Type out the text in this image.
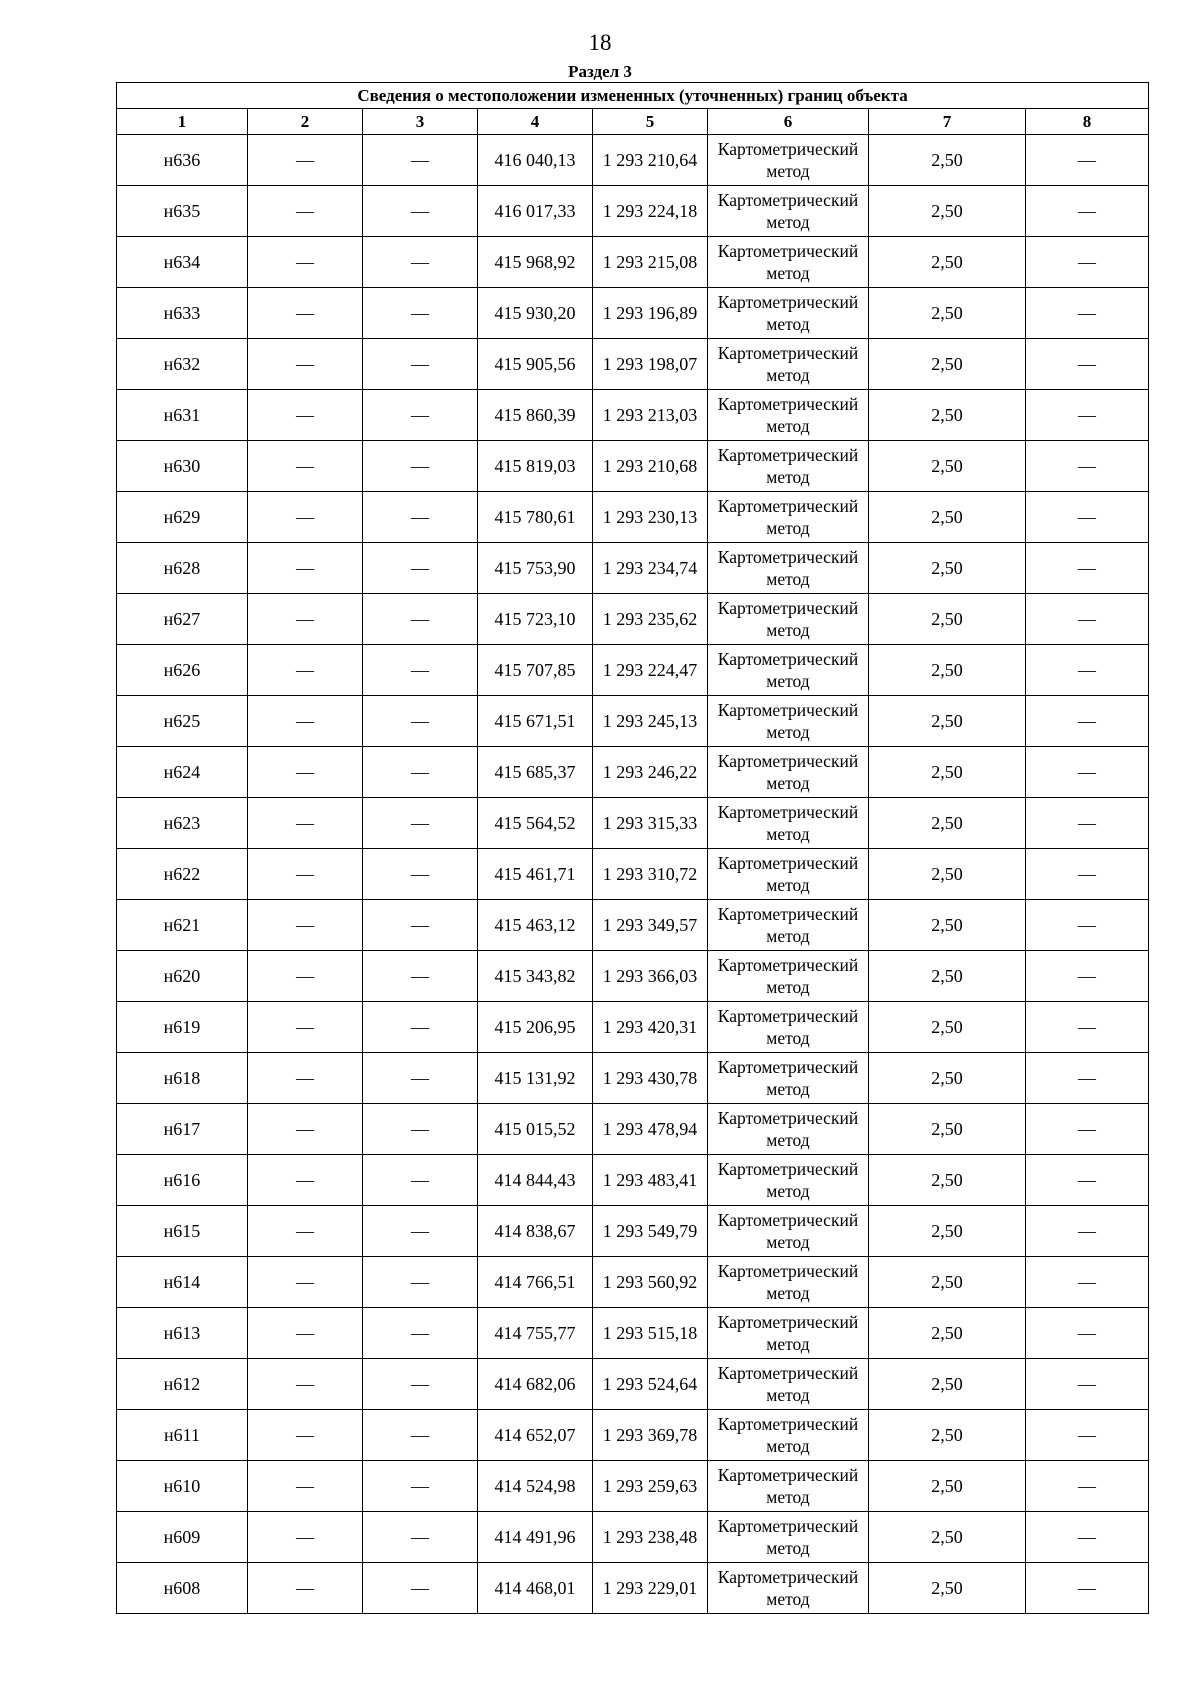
18
Раздел 3
Сведения о местоположении измененных (уточненных) границ объекта							
1	2	3	4	5	6	7	8
н636	—	—	416 040,13	1 293 210,64	Картометрический метод	2,50	—
н635	—	—	416 017,33	1 293 224,18	Картометрический метод	2,50	—
н634	—	—	415 968,92	1 293 215,08	Картометрический метод	2,50	—
н633	—	—	415 930,20	1 293 196,89	Картометрический метод	2,50	—
н632	—	—	415 905,56	1 293 198,07	Картометрический метод	2,50	—
н631	—	—	415 860,39	1 293 213,03	Картометрический метод	2,50	—
н630	—	—	415 819,03	1 293 210,68	Картометрический метод	2,50	—
н629	—	—	415 780,61	1 293 230,13	Картометрический метод	2,50	—
н628	—	—	415 753,90	1 293 234,74	Картометрический метод	2,50	—
н627	—	—	415 723,10	1 293 235,62	Картометрический метод	2,50	—
н626	—	—	415 707,85	1 293 224,47	Картометрический метод	2,50	—
н625	—	—	415 671,51	1 293 245,13	Картометрический метод	2,50	—
н624	—	—	415 685,37	1 293 246,22	Картометрический метод	2,50	—
н623	—	—	415 564,52	1 293 315,33	Картометрический метод	2,50	—
н622	—	—	415 461,71	1 293 310,72	Картометрический метод	2,50	—
н621	—	—	415 463,12	1 293 349,57	Картометрический метод	2,50	—
н620	—	—	415 343,82	1 293 366,03	Картометрический метод	2,50	—
н619	—	—	415 206,95	1 293 420,31	Картометрический метод	2,50	—
н618	—	—	415 131,92	1 293 430,78	Картометрический метод	2,50	—
н617	—	—	415 015,52	1 293 478,94	Картометрический метод	2,50	—
н616	—	—	414 844,43	1 293 483,41	Картометрический метод	2,50	—
н615	—	—	414 838,67	1 293 549,79	Картометрический метод	2,50	—
н614	—	—	414 766,51	1 293 560,92	Картометрический метод	2,50	—
н613	—	—	414 755,77	1 293 515,18	Картометрический метод	2,50	—
н612	—	—	414 682,06	1 293 524,64	Картометрический метод	2,50	—
н611	—	—	414 652,07	1 293 369,78	Картометрический метод	2,50	—
н610	—	—	414 524,98	1 293 259,63	Картометрический метод	2,50	—
н609	—	—	414 491,96	1 293 238,48	Картометрический метод	2,50	—
н608	—	—	414 468,01	1 293 229,01	Картометрический метод	2,50	—
